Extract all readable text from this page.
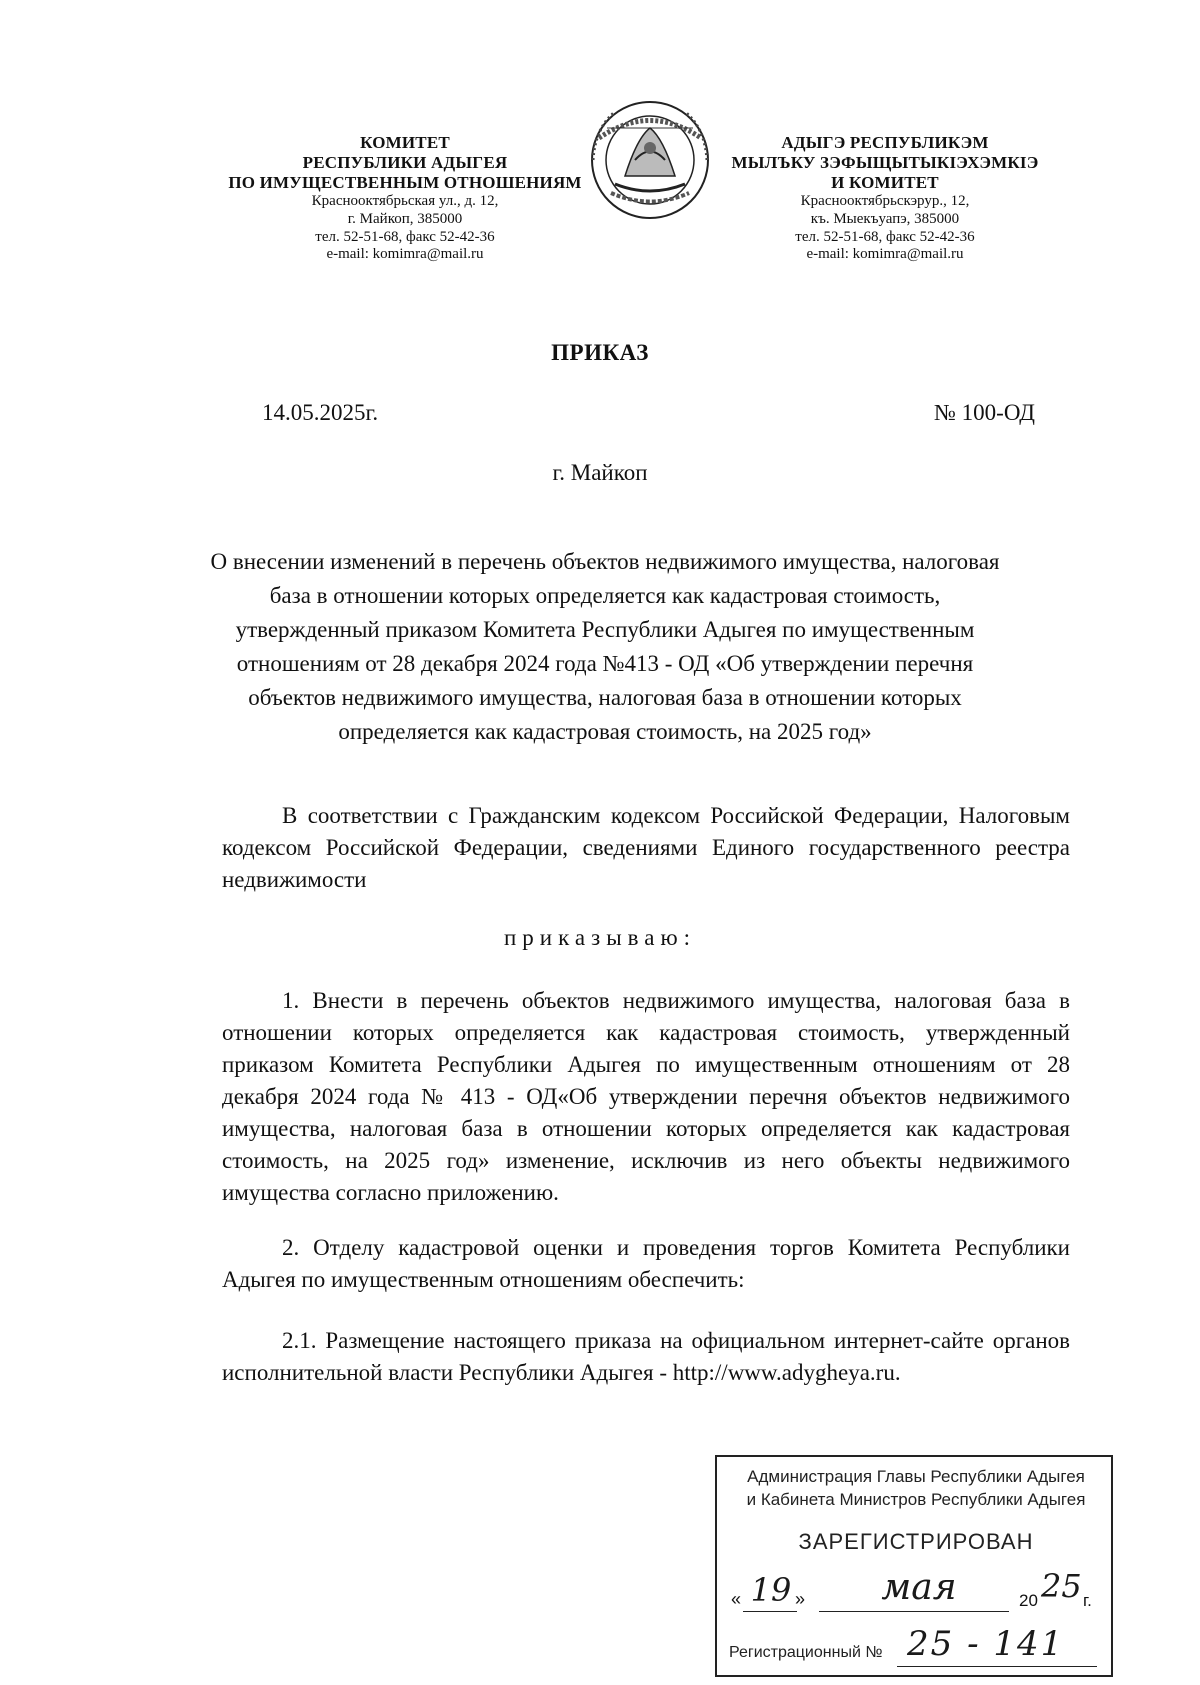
КОМИТЕТ
РЕСПУБЛИКИ АДЫГЕЯ
ПО ИМУЩЕСТВЕННЫМ ОТНОШЕНИЯМ
Краснооктябрьская ул., д. 12,
г. Майкоп, 385000
тел. 52-51-68, факс 52-42-36
e-mail: komimra@mail.ru
АДЫГЭ РЕСПУБЛИКЭМ
МЫЛЪКУ ЗЭФЫЩЫТЫКІЭХЭМКІЭ
И КОМИТЕТ
Краснооктябрьскэрур., 12,
къ. Мыекъуапэ, 385000
тел. 52-51-68, факс 52-42-36
e-mail: komimra@mail.ru
ПРИКАЗ
14.05.2025г.	№ 100-ОД
г. Майкоп
О внесении изменений в перечень объектов недвижимого имущества, налоговая база в отношении которых определяется как кадастровая стоимость, утвержденный приказом Комитета Республики Адыгея по имущественным отношениям от 28 декабря 2024 года №413 - ОД «Об утверждении перечня объектов недвижимого имущества, налоговая база в отношении которых определяется как кадастровая стоимость, на 2025 год»
В соответствии с Гражданским кодексом Российской Федерации, Налоговым кодексом Российской Федерации, сведениями Единого государственного реестра недвижимости
приказываю:
1. Внести в перечень объектов недвижимого имущества, налоговая база в отношении которых определяется как кадастровая стоимость, утвержденный приказом Комитета Республики Адыгея по имущественным отношениям от 28 декабря 2024 года № 413 - ОД«Об утверждении перечня объектов недвижимого имущества, налоговая база в отношении которых определяется как кадастровая стоимость, на 2025 год» изменение, исключив из него объекты недвижимого имущества согласно приложению.
2. Отделу кадастровой оценки и проведения торгов Комитета Республики Адыгея по имущественным отношениям обеспечить:
2.1. Размещение настоящего приказа на официальном интернет-сайте органов исполнительной власти Республики Адыгея - http://www.adygheya.ru.
Администрация Главы Республики Адыгея
и Кабинета Министров Республики Адыгея
ЗАРЕГИСТРИРОВАН
« 19 »	мая	20 25 г.
Регистрационный № 25 - 141
